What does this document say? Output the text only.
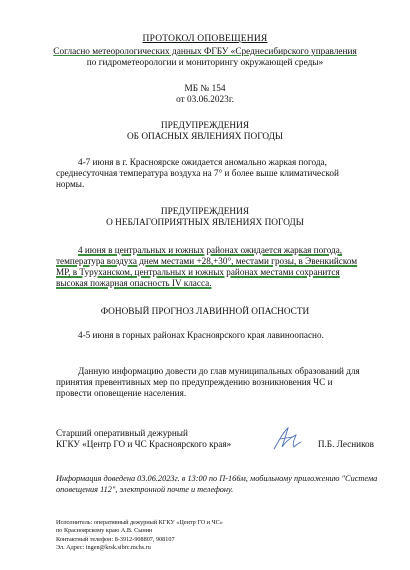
ПРОТОКОЛ ОПОВЕЩЕНИЯ
Согласно метеорологических данных ФГБУ «Среднесибирского управления
по гидрометеорологии и мониторингу окружающей среды»
МБ № 154
от 03.06.2023г.
ПРЕДУПРЕЖДЕНИЯ
ОБ ОПАСНЫХ ЯВЛЕНИЯХ ПОГОДЫ
4-7 июня в г. Красноярске ожидается аномально жаркая погода,
среднесуточная температура воздуха на 7° и более выше климатической
нормы.
ПРЕДУПРЕЖДЕНИЯ
О НЕБЛАГОПРИЯТНЫХ ЯВЛЕНИЯХ ПОГОДЫ
4 июня в центральных и южных районах ожидается жаркая погода,
температура воздуха днем местами +28,+30°, местами грозы, в Эвенкийском
МР, в Туруханском, центральных и южных районах местами сохранится
высокая пожарная опасность IV класса.
ФОНОВЫЙ ПРОГНОЗ ЛАВИННОЙ ОПАСНОСТИ
4-5 июня в горных районах Красноярского края лавиноопасно.
Данную информацию довести до глав муниципальных образований для
принятия превентивных мер по предупреждению возникновения ЧС и
провести оповещение населения.
Старший оперативный дежурный
КГКУ «Центр ГО и ЧС Красноярского края»	П.Б. Лесников
Информация доведена 03.06.2023г. в 13:00 по П-166м, мобильному приложению "Система
оповещения 112", электронной почте и телефону.
Исполнитель: оперативный дежурный КГКУ «Центр ГО и ЧС»
по Красноярскому краю А.В. Сынин
Контактный телефон: 8-3912-908807, 908107
Эл. Адрес: ingen@krsk.sibrc.mchs.ru
